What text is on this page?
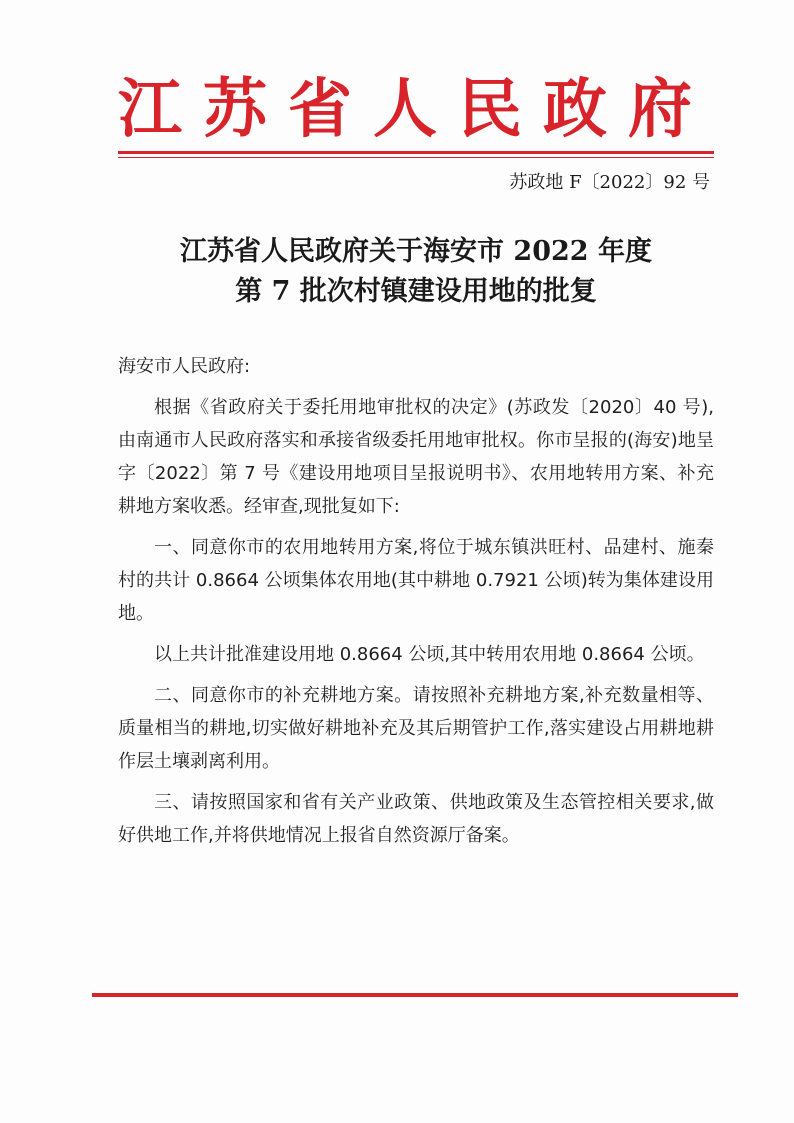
江苏省人民政府
苏政地 F〔2022〕92 号
江苏省人民政府关于海安市 2022 年度
第 7 批次村镇建设用地的批复

海安市人民政府:

根据《省政府关于委托用地审批权的决定》(苏政发〔2020〕40 号),由南通市人民政府落实和承接省级委托用地审批权。你市呈报的(海安)地呈字〔2022〕第 7 号《建设用地项目呈报说明书》、农用地转用方案、补充耕地方案收悉。经审查,现批复如下:

一、同意你市的农用地转用方案,将位于城东镇洪旺村、品建村、施秦村的共计 0.8664 公顷集体农用地(其中耕地 0.7921 公顷)转为集体建设用地。

以上共计批准建设用地 0.8664 公顷,其中转用农用地 0.8664 公顷。

二、同意你市的补充耕地方案。请按照补充耕地方案,补充数量相等、质量相当的耕地,切实做好耕地补充及其后期管护工作,落实建设占用耕地耕作层土壤剥离利用。

三、请按照国家和省有关产业政策、供地政策及生态管控相关要求,做好供地工作,并将供地情况上报省自然资源厅备案。
